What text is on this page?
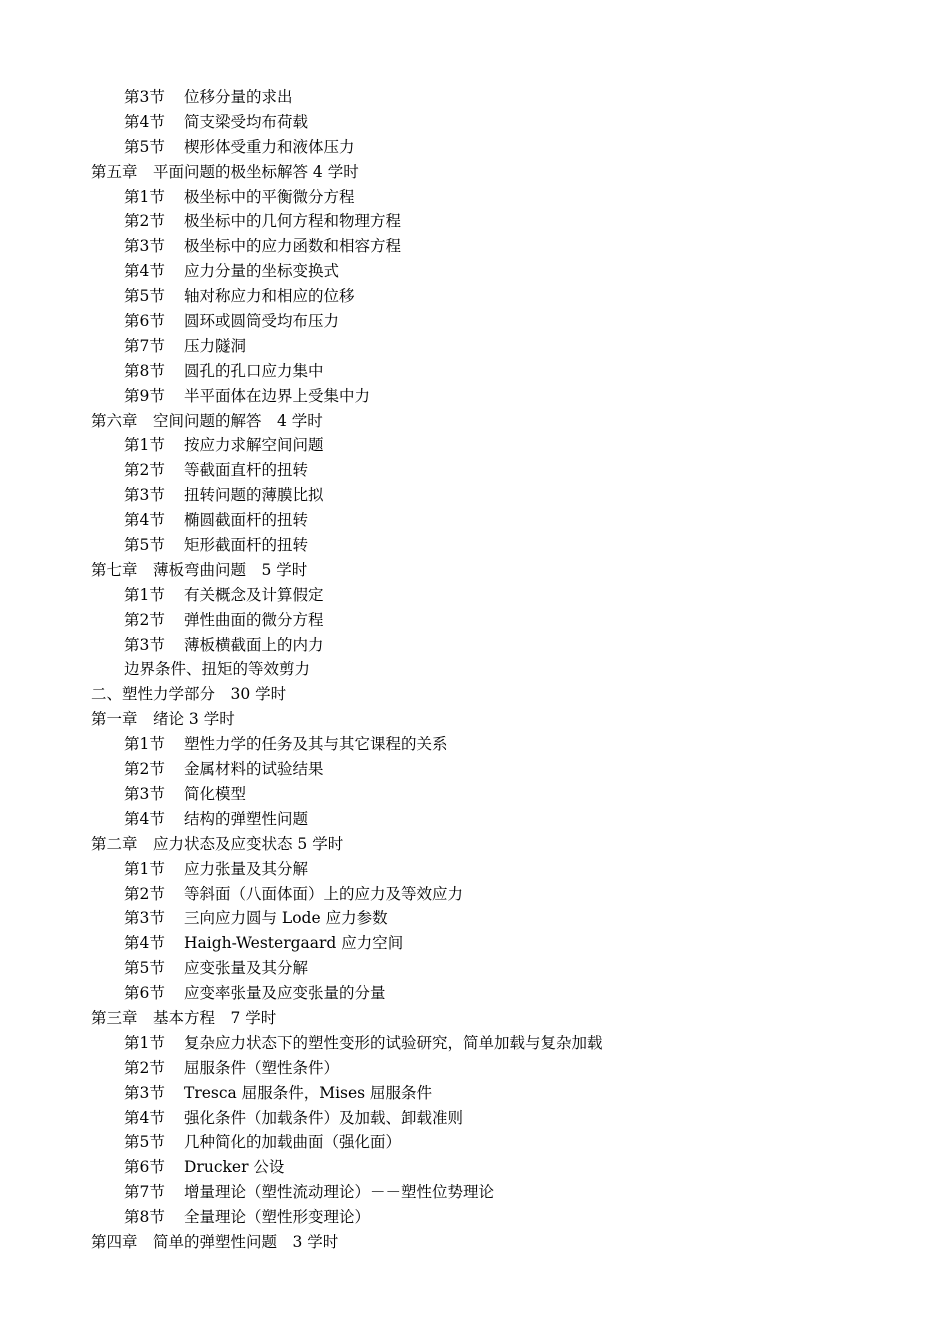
第3节 位移分量的求出
第4节 简支梁受均布荷载
第5节 楔形体受重力和液体压力
第五章　平面问题的极坐标解答 4 学时
第1节 极坐标中的平衡微分方程
第2节 极坐标中的几何方程和物理方程
第3节 极坐标中的应力函数和相容方程
第4节 应力分量的坐标变换式
第5节 轴对称应力和相应的位移
第6节 圆环或圆筒受均布压力
第7节 压力隧洞
第8节 圆孔的孔口应力集中
第9节 半平面体在边界上受集中力
第六章　空间问题的解答　4 学时
第1节 按应力求解空间问题
第2节 等截面直杆的扭转
第3节 扭转问题的薄膜比拟
第4节 椭圆截面杆的扭转
第5节 矩形截面杆的扭转
第七章　薄板弯曲问题　5 学时
第1节 有关概念及计算假定
第2节 弹性曲面的微分方程
第3节 薄板横截面上的内力
边界条件、扭矩的等效剪力
二、塑性力学部分　30 学时
第一章　绪论 3 学时
第1节 塑性力学的任务及其与其它课程的关系
第2节 金属材料的试验结果
第3节 简化模型
第4节 结构的弹塑性问题
第二章　应力状态及应变状态 5 学时
第1节 应力张量及其分解
第2节 等斜面（八面体面）上的应力及等效应力
第3节 三向应力圆与 Lode 应力参数
第4节 Haigh-Westergaard 应力空间
第5节 应变张量及其分解
第6节 应变率张量及应变张量的分量
第三章　基本方程　7 学时
第1节 复杂应力状态下的塑性变形的试验研究，简单加载与复杂加载
第2节 屈服条件（塑性条件）
第3节 Tresca 屈服条件，Mises 屈服条件
第4节 强化条件（加载条件）及加载、卸载准则
第5节 几种简化的加载曲面（强化面）
第6节 Drucker 公设
第7节 增量理论（塑性流动理论）－－塑性位势理论
第8节 全量理论（塑性形变理论）
第四章　简单的弹塑性问题　3 学时
